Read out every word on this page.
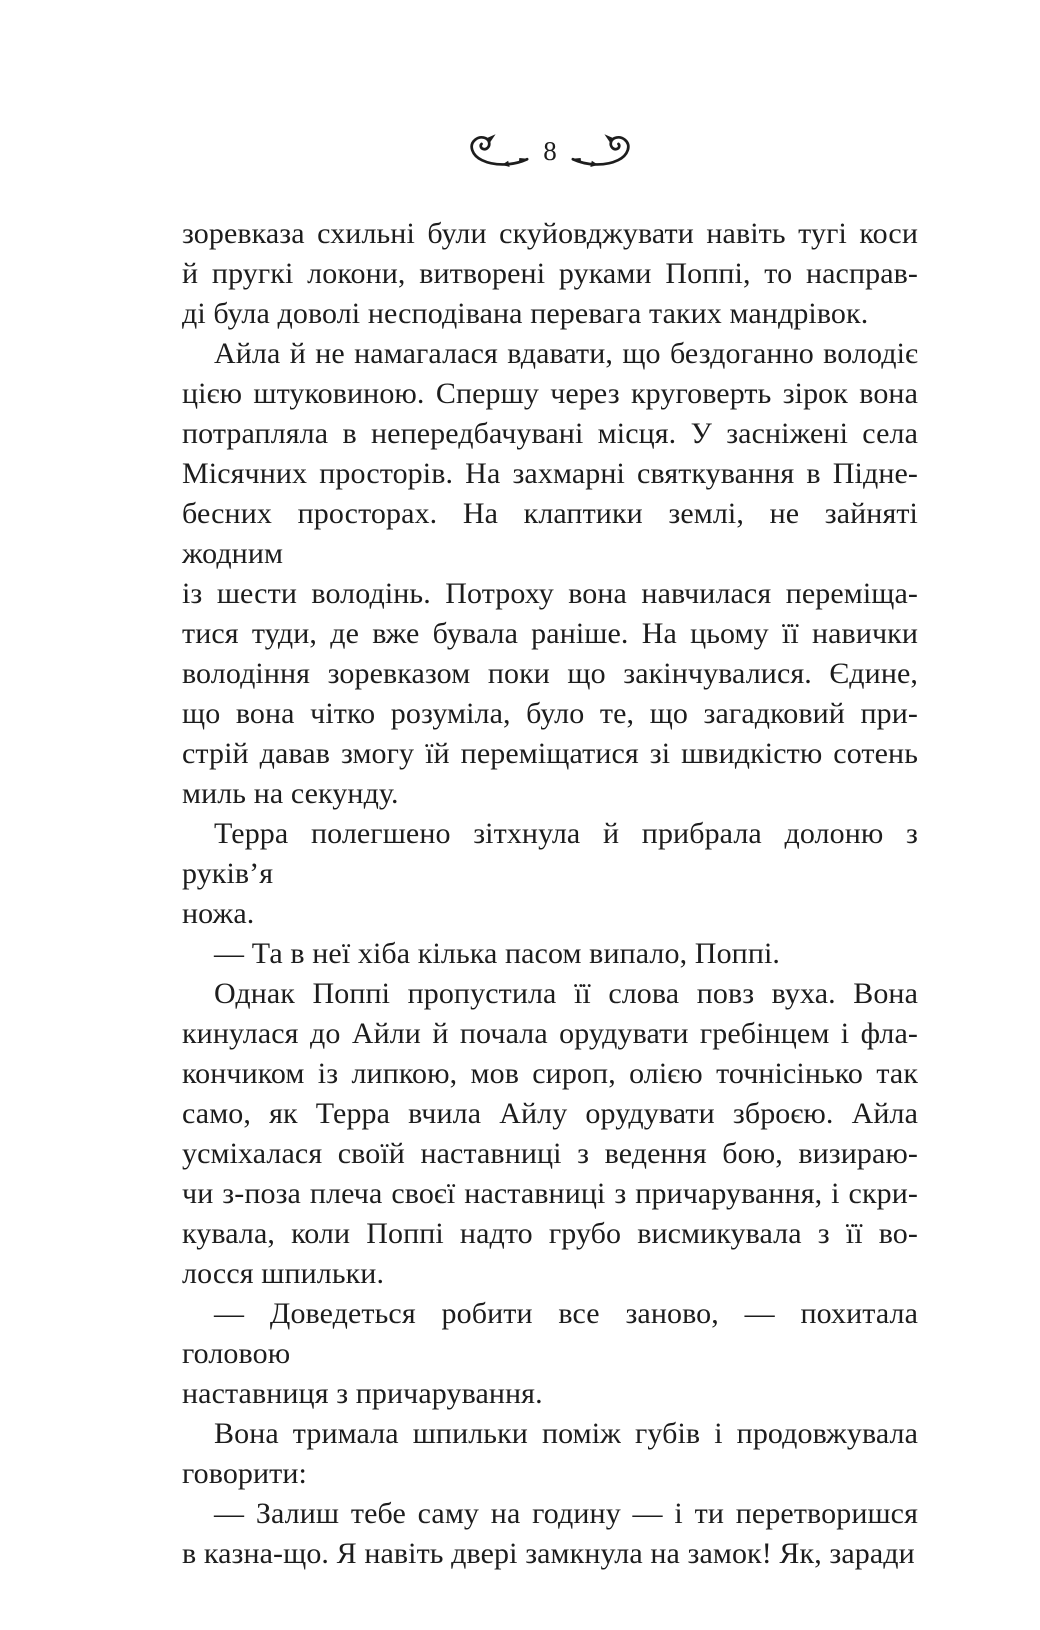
8
зоревказа схильні були скуйовджувати навіть тугі коси
й пругкі локони, витворені руками Поппі, то насправ-
ді була доволі несподівана перевага таких мандрівок.
Айла й не намагалася вдавати, що бездоганно володіє
цією штуковиною. Спершу через круговерть зірок вона
потрапляла в непередбачувані місця. У засніжені села
Місячних просторів. На захмарні святкування в Підне-
бесних просторах. На клаптики землі, не зайняті жодним
із шести володінь. Потроху вона навчилася переміща-
тися туди, де вже бувала раніше. На цьому її навички
володіння зоревказом поки що закінчувалися. Єдине,
що вона чітко розуміла, було те, що загадковий при-
стрій давав змогу їй переміщатися зі швидкістю сотень
миль на секунду.
Терра полегшено зітхнула й прибрала долоню з руків’я
ножа.
— Та в неї хіба кілька пасом випало, Поппі.
Однак Поппі пропустила її слова повз вуха. Вона
кинулася до Айли й почала орудувати гребінцем і фла-
кончиком із липкою, мов сироп, олією точнісінько так
само, як Терра вчила Айлу орудувати зброєю. Айла
усміхалася своїй наставниці з ведення бою, визираю-
чи з-поза плеча своєї наставниці з причарування, і скри-
кувала, коли Поппі надто грубо висмикувала з її во-
лосся шпильки.
— Доведеться робити все заново, — похитала головою
наставниця з причарування.
Вона тримала шпильки поміж губів і продовжувала
говорити:
— Залиш тебе саму на годину — і ти перетворишся
в казна-що. Я навіть двері замкнула на замок! Як, заради
